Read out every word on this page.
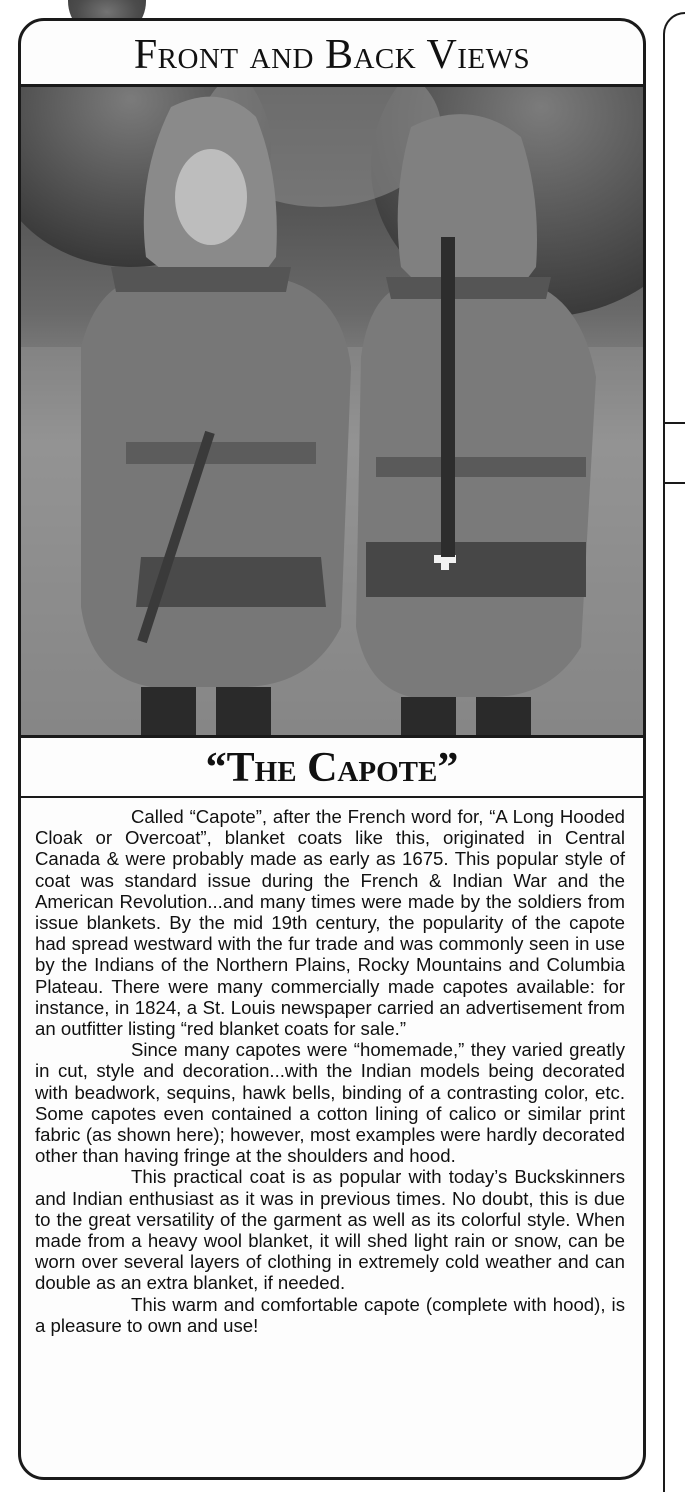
Front and Back Views
“The Capote”

Called “Capote”, after the French word for, “A Long Hooded Cloak or Overcoat”, blanket coats like this, originated in Central Canada & were probably made as early as 1675. This popular style of coat was standard issue during the French & Indian War and the American Revolution...and many times were made by the soldiers from issue blankets. By the mid 19th century, the popularity of the capote had spread westward with the fur trade and was commonly seen in use by the Indians of the Northern Plains, Rocky Mountains and Columbia Plateau. There were many commercially made capotes available: for instance, in 1824, a St. Louis newspaper carried an advertisement from an outfitter listing “red blanket coats for sale.”

Since many capotes were “homemade,” they varied greatly in cut, style and decoration...with the Indian models being decorated with beadwork, sequins, hawk bells, binding of a contrasting color, etc. Some capotes even contained a cotton lining of calico or similar print fabric (as shown here); however, most examples were hardly decorated other than having fringe at the shoulders and hood.

This practical coat is as popular with today’s Buckskinners and Indian enthusiast as it was in previous times. No doubt, this is due to the great versatility of the garment as well as its colorful style. When made from a heavy wool blanket, it will shed light rain or snow, can be worn over several layers of clothing in extremely cold weather and can double as an extra blanket, if needed.

This warm and comfortable capote (complete with hood), is a pleasure to own and use!
